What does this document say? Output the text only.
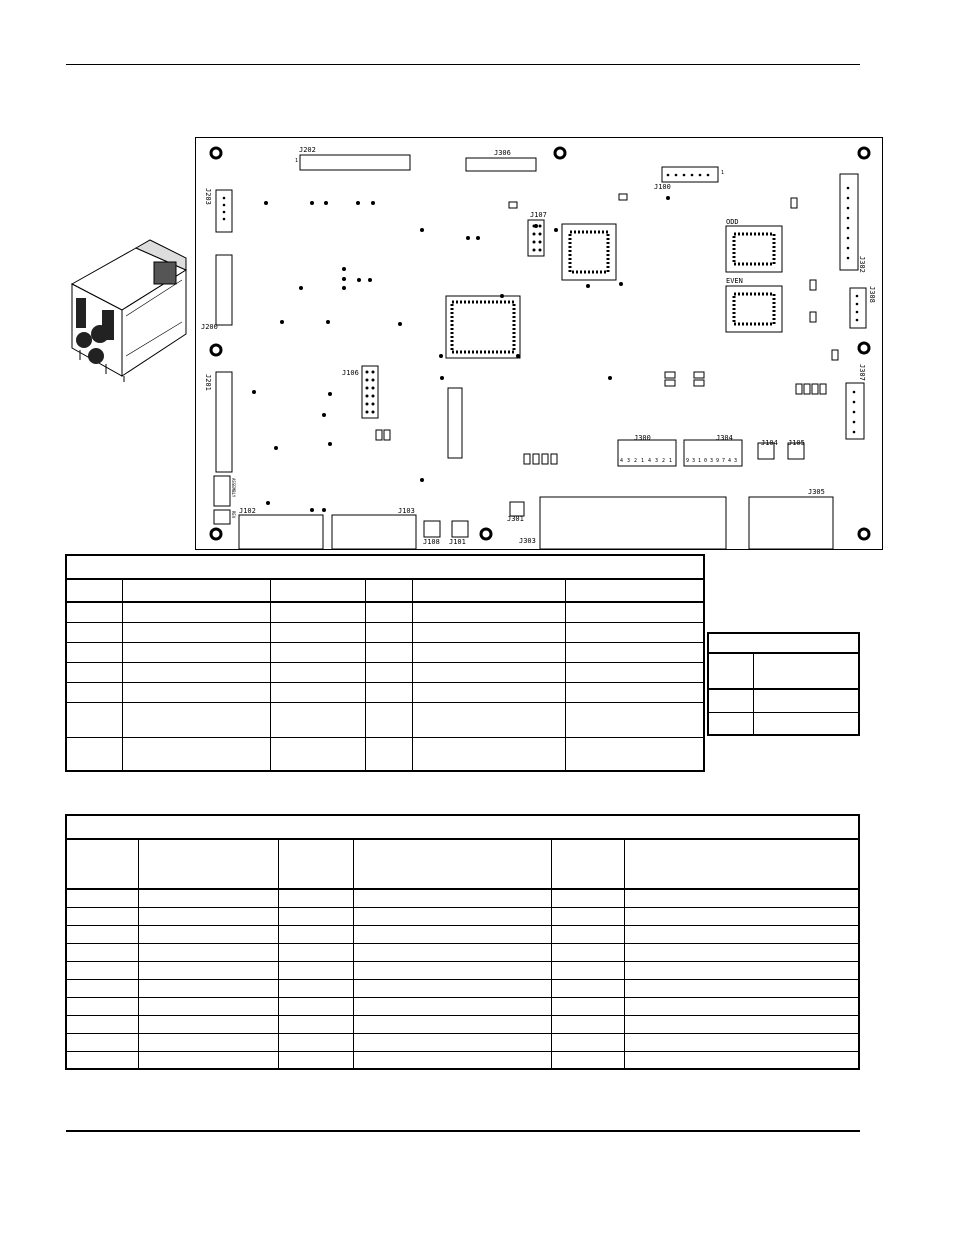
J202	J306
J100
J107
J203
J200
J201
J106
J302
J308
J307
J300	J304
J104 J105
J305
J102	J103
J108 J101
J301
J303
ODD
EVEN
1
1
ASSEMBLY
REV
4 3 2 1 4 3 2 1	9 3 1 0 3 9 7 4 3
